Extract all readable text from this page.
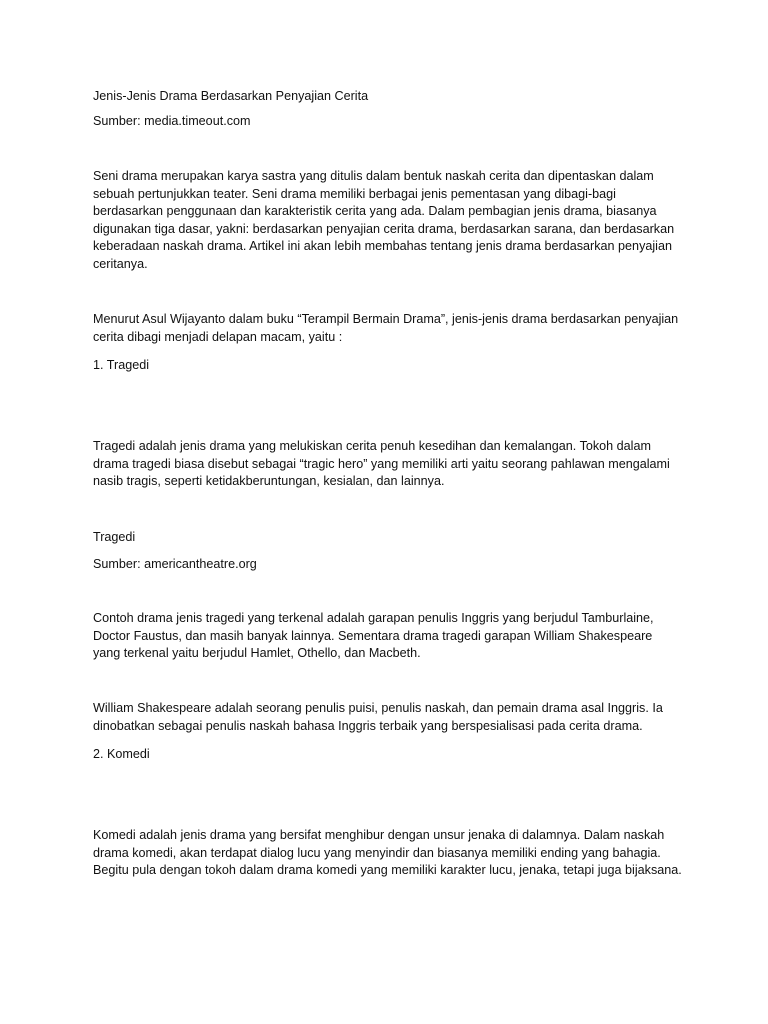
Jenis-Jenis Drama Berdasarkan Penyajian Cerita

Sumber: media.timeout.com

Seni drama merupakan karya sastra yang ditulis dalam bentuk naskah cerita dan dipentaskan dalam sebuah pertunjukkan teater. Seni drama memiliki berbagai jenis pementasan yang dibagi-bagi berdasarkan penggunaan dan karakteristik cerita yang ada. Dalam pembagian jenis drama, biasanya digunakan tiga dasar, yakni: berdasarkan penyajian cerita drama, berdasarkan sarana, dan berdasarkan keberadaan naskah drama. Artikel ini akan lebih membahas tentang jenis drama berdasarkan penyajian ceritanya.

Menurut Asul Wijayanto dalam buku “Terampil Bermain Drama”, jenis-jenis drama berdasarkan penyajian cerita dibagi menjadi delapan macam, yaitu :

1. Tragedi

Tragedi adalah jenis drama yang melukiskan cerita penuh kesedihan dan kemalangan. Tokoh dalam drama tragedi biasa disebut sebagai “tragic hero” yang memiliki arti yaitu seorang pahlawan mengalami nasib tragis, seperti ketidakberuntungan, kesialan, dan lainnya.

Tragedi

Sumber: americantheatre.org

Contoh drama jenis tragedi yang terkenal adalah garapan penulis Inggris yang berjudul Tamburlaine, Doctor Faustus, dan masih banyak lainnya. Sementara drama tragedi garapan William Shakespeare yang terkenal yaitu berjudul Hamlet, Othello, dan Macbeth.

William Shakespeare adalah seorang penulis puisi, penulis naskah, dan pemain drama asal Inggris. Ia dinobatkan sebagai penulis naskah bahasa Inggris terbaik yang berspesialisasi pada cerita drama.

2. Komedi

Komedi adalah jenis drama yang bersifat menghibur dengan unsur jenaka di dalamnya. Dalam naskah drama komedi, akan terdapat dialog lucu yang menyindir dan biasanya memiliki ending yang bahagia. Begitu pula dengan tokoh dalam drama komedi yang memiliki karakter lucu, jenaka, tetapi juga bijaksana.
